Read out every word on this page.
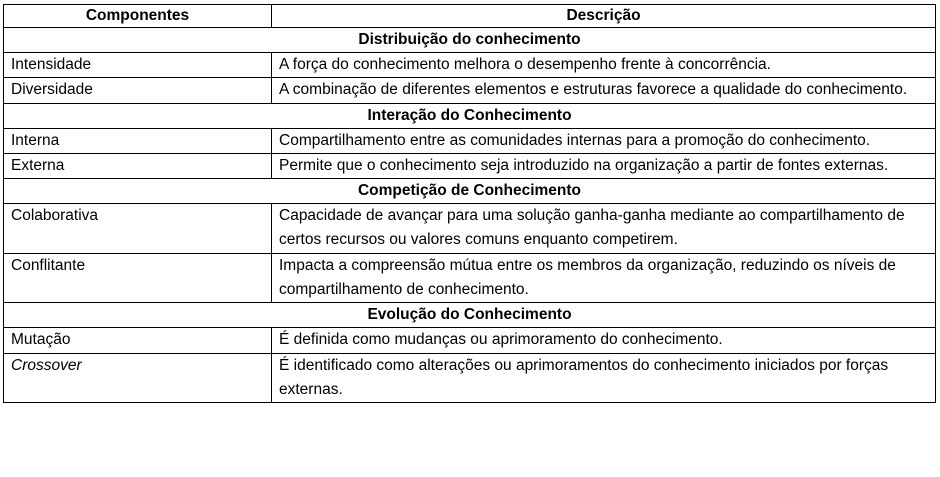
Componentes	Descrição
Distribuição do conhecimento	
Intensidade	A força do conhecimento melhora o desempenho frente à concorrência.
Diversidade	A combinação de diferentes elementos e estruturas favorece a qualidade do conhecimento.
Interação do Conhecimento	
Interna	Compartilhamento entre as comunidades internas para a promoção do conhecimento.
Externa	Permite que o conhecimento seja introduzido na organização a partir de fontes externas.
Competição de Conhecimento	
Colaborativa	Capacidade de avançar para uma solução ganha-ganha mediante ao compartilhamento de certos recursos ou valores comuns enquanto competirem.
Conflitante	Impacta a compreensão mútua entre os membros da organização, reduzindo os níveis de compartilhamento de conhecimento.
Evolução do Conhecimento	
Mutação	É definida como mudanças ou aprimoramento do conhecimento.
Crossover	É identificado como alterações ou aprimoramentos do conhecimento iniciados por forças externas.
